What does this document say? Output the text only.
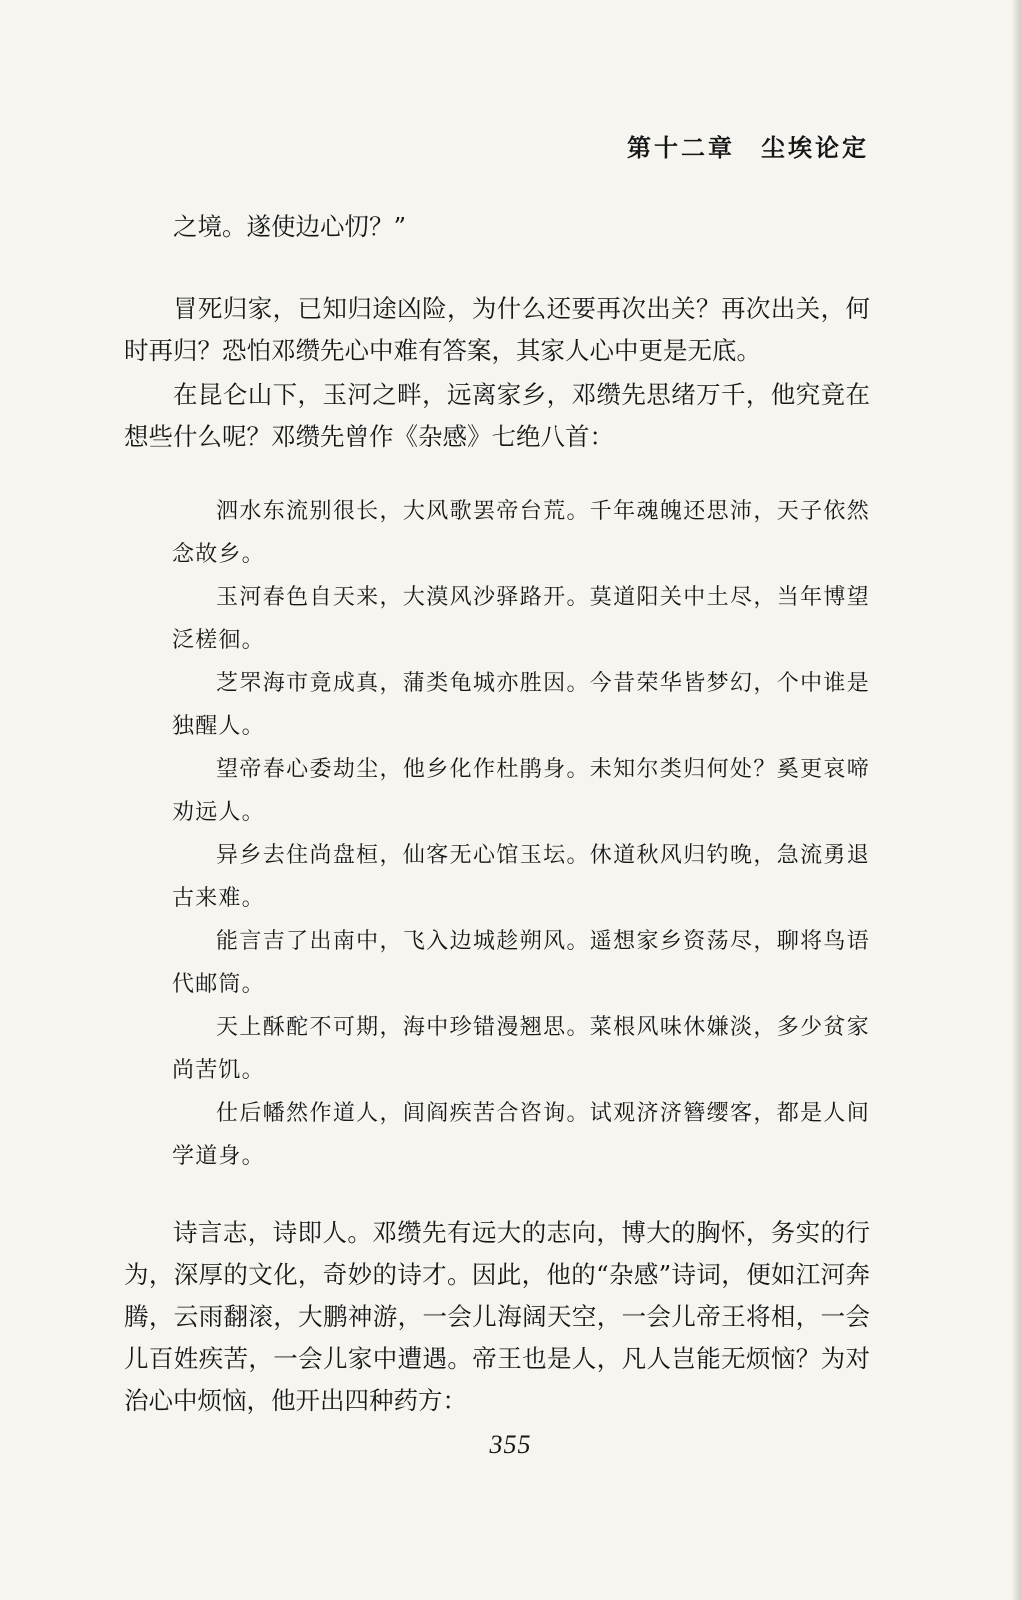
第十二章 尘埃论定

之境。遂使边心忉？”

冒死归家，已知归途凶险，为什么还要再次出关？再次出关，何时再归？恐怕邓缵先心中难有答案，其家人心中更是无底。

在昆仑山下，玉河之畔，远离家乡，邓缵先思绪万千，他究竟在想些什么呢？邓缵先曾作《杂感》七绝八首：

泗水东流别很长，大风歌罢帝台荒。千年魂魄还思沛，天子依然念故乡。

玉河春色自天来，大漠风沙驿路开。莫道阳关中土尽，当年博望泛槎徊。

芝罘海市竟成真，蒲类龟城亦胜因。今昔荣华皆梦幻，个中谁是独醒人。

望帝春心委劫尘，他乡化作杜鹃身。未知尔类归何处？奚更哀啼劝远人。

异乡去住尚盘桓，仙客无心馆玉坛。休道秋风归钓晚，急流勇退古来难。

能言吉了出南中，飞入边城趁朔风。遥想家乡资荡尽，聊将鸟语代邮筒。

天上酥酡不可期，海中珍错漫翘思。菜根风味休嫌淡，多少贫家尚苦饥。

仕后幡然作道人，闾阎疾苦合咨询。试观济济簪缨客，都是人间学道身。

诗言志，诗即人。邓缵先有远大的志向，博大的胸怀，务实的行为，深厚的文化，奇妙的诗才。因此，他的“杂感”诗词，便如江河奔腾，云雨翻滚，大鹏神游，一会儿海阔天空，一会儿帝王将相，一会儿百姓疾苦，一会儿家中遭遇。帝王也是人，凡人岂能无烦恼？为对治心中烦恼，他开出四种药方：

355
